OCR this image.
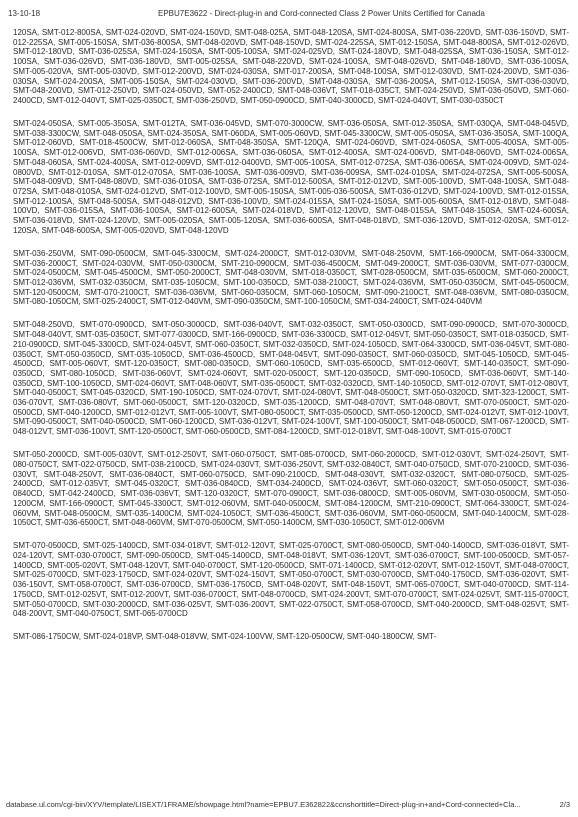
13-10-18	EPBU7E3622 - Direct-plug-in and Cord-connected Class 2 Power Units Certified for Canada

120SA, SMT-012-800SA, SMT-024-020VD, SMT-024-150VD, SMT-048-025A, SMT-048-120SA, SMT-024-800SA, SMT-036-220VD, SMT-036-150VD, SMT-012-225SA, SMT-005-150SA, SMT-036-800SA, SMT-048-020VD, SMT-048-150VD, SMT-024-225SA, SMT-012-150SA, SMT-048-800SA, SMT-012-026VD, SMT-012-180VD, SMT-036-025SA, SMT-024-150SA, SMT-005-100SA, SMT-024-025VD, SMT-024-180VD, SMT-048-025SA, SMT-036-150SA, SMT-012-100SA, SMT-036-026VD, SMT-036-180VD, SMT-005-025SA, SMT-048-220VD, SMT-024-100SA, SMT-048-026VD, SMT-048-180VD, SMT-036-100SA, SMT-005-020VA, SMT-005-030VD, SMT-012-200VD, SMT-024-030SA, SMT-017-200SA, SMT-048-100SA, SMT-012-030VD, SMT-024-200VD, SMT-036-030SA, SMT-024-200SA, SMT-005-150SA, SMT-024-030VD, SMT-036-200VD, SMT-048-030SA, SMT-036-200SA, SMT-012-150SA, SMT-036-030VD, SMT-048-200VD, SMT-012-250VD, SMT-024-050VD, SMT-052-2400CD, SMT-048-036VT, SMT-018-035CT, SMT-024-250VD, SMT-036-050VD, SMT-060-2400CD, SMT-012-040VT, SMT-025-0350CT, SMT-036-250VD, SMT-050-0900CD, SMT-040-3000CD, SMT-024-040VT, SMT-030-0350CT

SMT-024-050SA, SMT-005-350SA, SMT-012TA, SMT-036-045VD, SMT-070-3000CW, SMT-036-050SA, SMT-012-350SA, SMT-030QA, SMT-048-045VD, SMT-038-3300CW, SMT-048-050SA, SMT-024-350SA, SMT-060DA, SMT-005-060VD, SMT-045-3300CW, SMT-005-050SA, SMT-036-350SA, SMT-100QA, SMT-012-060VD, SMT-018-4500CW, SMT-012-060SA, SMT-048-350SA, SMT-120QA, SMT-024-060VD, SMT-024-060SA, SMT-005-400SA, SMT-005-100SA, SMT-012-006VD, SMT-036-060VD, SMT-012-006SA, SMT-036-060SA, SMT-012-400SA, SMT-024-006VD, SMT-048-060VD, SMT-024-006SA, SMT-048-060SA, SMT-024-400SA, SMT-012-009VD, SMT-012-0400VD, SMT-005-100SA, SMT-012-072SA, SMT-036-006SA, SMT-024-009VD, SMT-024-0800VD, SMT-012-010SA, SMT-012-070SA, SMT-036-100SA, SMT-036-009VD, SMT-036-009SA, SMT-024-010SA, SMT-024-072SA, SMT-005-500SA, SMT-048-009VD, SMT-048-080VD, SMT-036-010SA, SMT-036-072SA, SMT-012-500SA, SMT-012-012VD, SMT-005-100VD, SMT-048-100SA, SMT-048-072SA, SMT-048-010SA, SMT-024-012VD, SMT-012-100VD, SMT-005-150SA, SMT-005-036-500SA, SMT-036-012VD, SMT-024-100VD, SMT-012-015SA, SMT-012-100SA, SMT-048-500SA, SMT-048-012VD, SMT-036-100VD, SMT-024-015SA, SMT-024-150SA, SMT-005-600SA, SMT-012-018VD, SMT-048-100VD, SMT-036-015SA, SMT-036-100SA, SMT-012-600SA, SMT-024-018VD, SMT-012-120VD, SMT-048-015SA, SMT-048-150SA, SMT-024-600SA, SMT-036-018VD, SMT-024-120VD, SMT-005-020SA, SMT-005-120SA, SMT-036-600SA, SMT-048-018VD, SMT-036-120VD, SMT-012-020SA, SMT-012-120SA, SMT-048-600SA, SMT-005-020VD, SMT-048-120VD

SMT-036-250VM, SMT-090-0500CM, SMT-045-3300CM, SMT-024-2000CT, SMT-012-030VM, SMT-048-250VM, SMT-166-0900CM, SMT-064-3300CM, SMT-036-2000CT, SMT-024-030VM, SMT-050-0300CM, SMT-210-0900CM, SMT-036-4500CM, SMT-049-2000CT, SMT-036-030VM, SMT-077-0300CM, SMT-024-0500CM, SMT-045-4500CM, SMT-050-2000CT, SMT-048-030VM, SMT-018-0350CT, SMT-028-0500CM, SMT-035-6500CM, SMT-060-2000CT, SMT-012-036VM, SMT-032-0350CM, SMT-035-1050CM, SMT-100-0350CD, SMT-038-2100CT, SMT-024-036VM, SMT-050-0350CM, SMT-045-0500CM, SMT-120-0500CM, SMT-070-2100CT, SMT-036-036VM, SMT-060-0350CM, SMT-060-1050CM, SMT-090-2100CT, SMT-048-036VM, SMT-080-0350CM, SMT-080-1050CM, SMT-025-2400CT, SMT-012-040VM, SMT-090-0350CM, SMT-100-1050CM, SMT-034-2400CT, SMT-024-040VM

SMT-048-250VD, SMT-070-0900CD, SMT-050-3000CD, SMT-036-040VT, SMT-032-0350CT, SMT-050-0300CD, SMT-090-0900CD, SMT-070-3000CD, SMT-048-040VT, SMT-035-0350CT, SMT-077-0300CD, SMT-166-0900CD, SMT-036-3300CD, SMT-012-045VT, SMT-050-0350CT, SMT-018-0350CD, SMT-210-0900CD, SMT-045-3300CD, SMT-024-045VT, SMT-060-0350CT, SMT-032-0350CD, SMT-024-1050CD, SMT-064-3300CD, SMT-036-045VT, SMT-080-0350CT, SMT-050-0350CD, SMT-035-1050CD, SMT-036-4500CD, SMT-048-045VT, SMT-090-0350CT, SMT-060-0350CD, SMT-045-1050CD, SMT-045-4500CD, SMT-005-060VT, SMT-120-0350CT, SMT-080-0350CD, SMT-060-1050CD, SMT-035-6500CD, SMT-012-060VT, SMT-140-0350CT, SMT-090-0350CD, SMT-080-1050CD, SMT-036-060VT, SMT-024-060VT, SMT-020-0500CT, SMT-120-0350CD, SMT-090-1050CD, SMT-036-060VT, SMT-140-0350CD, SMT-100-1050CD, SMT-024-060VT, SMT-048-060VT, SMT-035-0500CT, SMT-032-0320CD, SMT-140-1050CD, SMT-012-070VT, SMT-012-080VT, SMT-040-0500CT, SMT-045-0320CD, SMT-190-1050CD, SMT-024-070VT, SMT-024-080VT, SMT-048-0500CT, SMT-050-0320CD, SMT-323-1200CT, SMT-036-070VT, SMT-036-080VT, SMT-060-0500CT, SMT-120-0320CD, SMT-035-1200CD, SMT-048-070VT, SMT-048-080VT, SMT-070-0500CT, SMT-020-0500CD, SMT-040-1200CD, SMT-012-012VT, SMT-005-100VT, SMT-080-0500CT, SMT-035-0500CD, SMT-050-1200CD, SMT-024-012VT, SMT-012-100VT, SMT-090-0500CT, SMT-040-0500CD, SMT-060-1200CD, SMT-036-012VT, SMT-024-100VT, SMT-100-0500CT, SMT-048-0500CD, SMT-067-1200CD, SMT-048-012VT, SMT-036-100VT, SMT-120-0500CT, SMT-060-0500CD, SMT-084-1200CD, SMT-012-018VT, SMT-048-100VT, SMT-015-0700CT

SMT-050-2000CD, SMT-005-030VT, SMT-012-250VT, SMT-060-0750CT, SMT-085-0700CD, SMT-060-2000CD, SMT-012-030VT, SMT-024-250VT, SMT-080-0750CT, SMT-022-0750CD, SMT-038-2100CD, SMT-024-030VT, SMT-036-250VT, SMT-032-0840CT, SMT-040-0750CD, SMT-070-2100CD, SMT-036-030VT, SMT-048-250VT, SMT-036-0840CT, SMT-060-0750CD, SMT-090-2100CD, SMT-048-030VT, SMT-032-0320CT, SMT-080-0750CD, SMT-025-2400CD, SMT-012-035VT, SMT-045-0320CT, SMT-036-0840CD, SMT-034-2400CD, SMT-024-036VT, SMT-060-0320CT, SMT-050-0500CT, SMT-036-0840CD, SMT-042-2400CD, SMT-036-036VT, SMT-120-0320CT, SMT-070-0900CT, SMT-036-0800CD, SMT-005-060VM, SMT-030-0500CM, SMT-050-1200CM, SMT-166-0900CT, SMT-045-3300CT, SMT-012-060VM, SMT-040-0500CM, SMT-084-1200CM, SMT-210-0900CT, SMT-064-3300CT, SMT-024-060VM, SMT-048-0500CM, SMT-035-1400CM, SMT-024-1050CT, SMT-036-4500CT, SMT-036-060VM, SMT-060-0500CM, SMT-040-1400CM, SMT-028-1050CT, SMT-036-6500CT, SMT-048-060VM, SMT-070-0500CM, SMT-050-1400CM, SMT-030-1050CT, SMT-012-006VM

SMT-070-0500CD, SMT-025-1400CD, SMT-034-018VT, SMT-012-120VT, SMT-025-0700CT, SMT-080-0500CD, SMT-040-1400CD, SMT-036-018VT, SMT-024-120VT, SMT-030-0700CT, SMT-090-0500CD, SMT-045-1400CD, SMT-048-018VT, SMT-036-120VT, SMT-036-0700CT, SMT-100-0500CD, SMT-057-1400CD, SMT-005-020VT, SMT-048-120VT, SMT-040-0700CT, SMT-120-0500CD, SMT-071-1400CD, SMT-012-020VT, SMT-012-150VT, SMT-048-0700CT, SMT-025-0700CD, SMT-023-1750CD, SMT-024-020VT, SMT-024-150VT, SMT-050-0700CT, SMT-030-0700CD, SMT-040-1750CD, SMT-036-020VT, SMT-036-150VT, SMT-058-0700CT, SMT-036-0700CD, SMT-036-1750CD, SMT-048-020VT, SMT-048-150VT, SMT-065-0700CT, SMT-040-0700CD, SMT-114-1750CD, SMT-012-025VT, SMT-012-200VT, SMT-036-0700CT, SMT-048-0700CD, SMT-024-200VT, SMT-070-0700CT, SMT-024-025VT, SMT-115-0700CT, SMT-050-0700CD, SMT-030-2000CD, SMT-036-025VT, SMT-036-200VT, SMT-022-0750CT, SMT-058-0700CD, SMT-040-2000CD, SMT-048-025VT, SMT-048-200VT, SMT-040-0750CT, SMT-065-0700CD

SMT-086-1750CW, SMT-024-018VP, SMT-048-018VW, SMT-024-100VW, SMT-120-0500CW, SMT-040-1800CW, SMT-

database.ul.com/cgi-bin/XYV/template/LISEXT/1FRAME/showpage.html?name=EPBU7.E362822&ccnshorttitle=Direct-plug-in+and+Cord-connected+Cla...	2/3
